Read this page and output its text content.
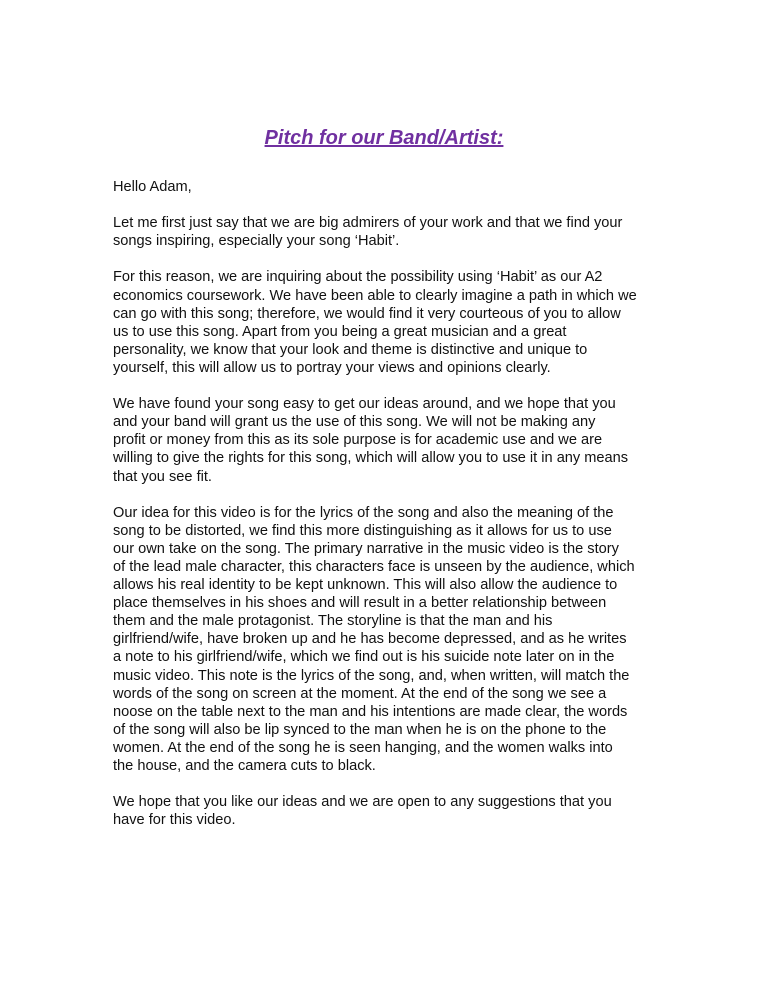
Pitch for our Band/Artist:
Hello Adam,
Let me first just say that we are big admirers of your work and that we find your
songs inspiring, especially your song ‘Habit’.
For this reason, we are inquiring about the possibility using ‘Habit’ as our A2
economics coursework. We have been able to clearly imagine a path in which we
can go with this song; therefore, we would find it very courteous of you to allow
us to use this song. Apart from you being a great musician and a great
personality, we know that your look and theme is distinctive and unique to
yourself, this will allow us to portray your views and opinions clearly.
We have found your song easy to get our ideas around, and we hope that you
and your band will grant us the use of this song. We will not be making any
profit or money from this as its sole purpose is for academic use and we are
willing to give the rights for this song, which will allow you to use it in any means
that you see fit.
Our idea for this video is for the lyrics of the song and also the meaning of the
song to be distorted, we find this more distinguishing as it allows for us to use
our own take on the song. The primary narrative in the music video is the story
of the lead male character, this characters face is unseen by the audience, which
allows his real identity to be kept unknown. This will also allow the audience to
place themselves in his shoes and will result in a better relationship between
them and the male protagonist. The storyline is that the man and his
girlfriend/wife, have broken up and he has become depressed, and as he writes
a note to his girlfriend/wife, which we find out is his suicide note later on in the
music video. This note is the lyrics of the song, and, when written, will match the
words of the song on screen at the moment. At the end of the song we see a
noose on the table next to the man and his intentions are made clear, the words
of the song will also be lip synced to the man when he is on the phone to the
women. At the end of the song he is seen hanging, and the women walks into
the house, and the camera cuts to black.
We hope that you like our ideas and we are open to any suggestions that you
have for this video.
